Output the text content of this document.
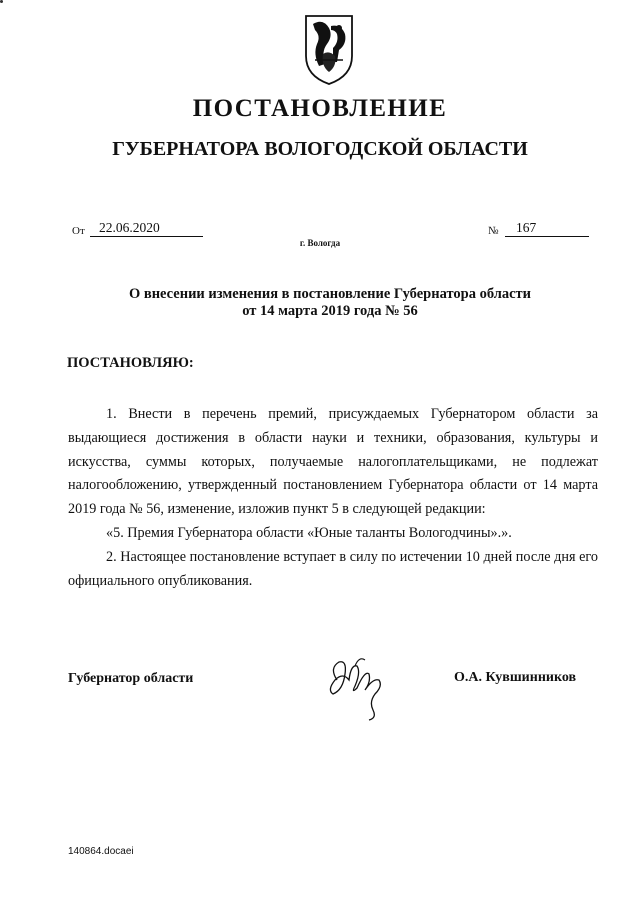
ПОСТАНОВЛЕНИЕ
ГУБЕРНАТОРА ВОЛОГОДСКОЙ ОБЛАСТИ
От 22.06.2020	№ 167
г. Вологда
О внесении изменения в постановление Губернатора области
от 14 марта 2019 года № 56
ПОСТАНОВЛЯЮ:

1. Внести в перечень премий, присуждаемых Губернатором области за выдающиеся достижения в области науки и техники, образования, культуры и искусства, суммы которых, получаемые налогоплательщиками, не подлежат налогообложению, утвержденный постановлением Губернатора области от 14 марта 2019 года № 56, изменение, изложив пункт 5 в следующей редакции:

«5. Премия Губернатора области «Юные таланты Вологодчины».».

2. Настоящее постановление вступает в силу по истечении 10 дней после дня его официального опубликования.

Губернатор области	О.А. Кувшинников
140864.docaei
